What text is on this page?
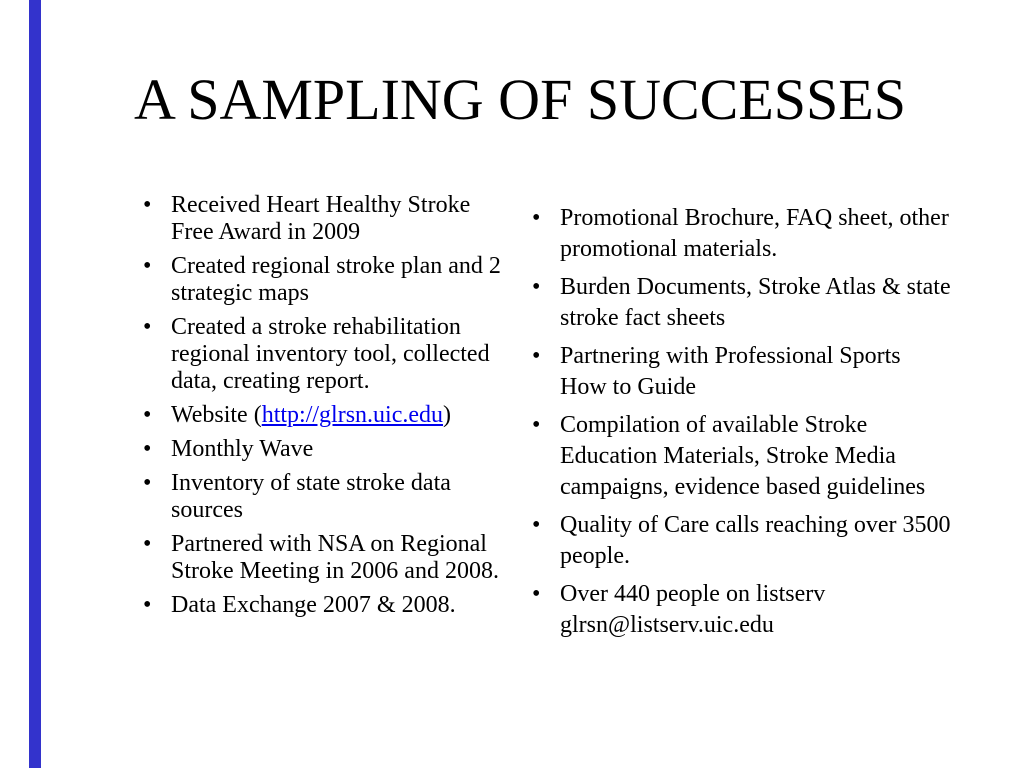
A SAMPLING OF SUCCESSES
• Received Heart Healthy Stroke Free Award in 2009
• Created regional stroke plan and 2 strategic maps
• Created a stroke rehabilitation regional inventory tool, collected data, creating report.
• Website (http://glrsn.uic.edu)
• Monthly Wave
• Inventory of state stroke data sources
• Partnered with NSA on Regional Stroke Meeting in 2006 and 2008.
• Data Exchange 2007 & 2008.
• Promotional Brochure, FAQ sheet, other promotional materials.
• Burden Documents, Stroke Atlas & state stroke fact sheets
• Partnering with Professional Sports How to Guide
• Compilation of available Stroke Education Materials, Stroke Media campaigns, evidence based guidelines
• Quality of Care calls reaching over 3500 people.
• Over 440 people on listserv glrsn@listserv.uic.edu
